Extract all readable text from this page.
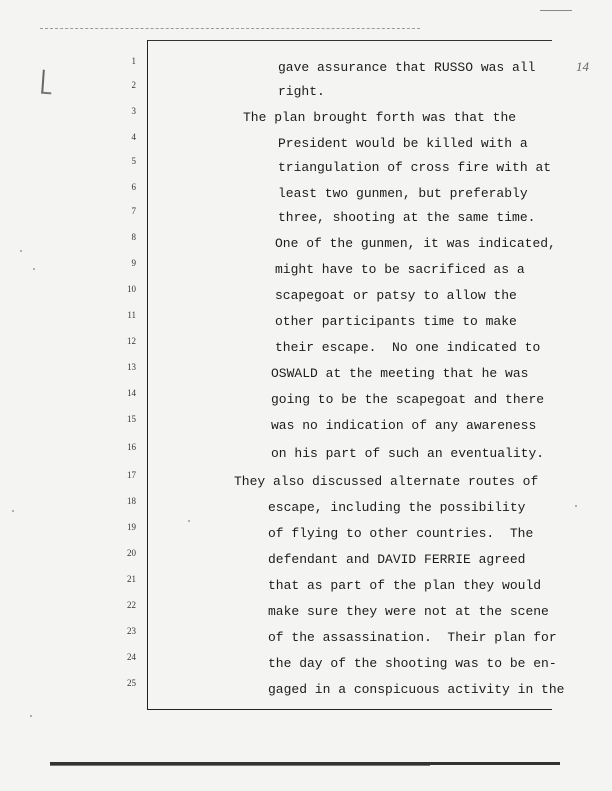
14
1
2
3
4
5
6
7
8
9
10
11
12
13
14
15
16
17
18
19
20
21
22
23
24
25
gave assurance that RUSSO was all
right.
The plan brought forth was that the
President would be killed with a
triangulation of cross fire with at
least two gunmen, but preferably
three, shooting at the same time.
One of the gunmen, it was indicated,
might have to be sacrificed as a
scapegoat or patsy to allow the
other participants time to make
their escape.  No one indicated to
OSWALD at the meeting that he was
going to be the scapegoat and there
was no indication of any awareness
on his part of such an eventuality.
They also discussed alternate routes of
escape, including the possibility
of flying to other countries.  The
defendant and DAVID FERRIE agreed
that as part of the plan they would
make sure they were not at the scene
of the assassination.  Their plan for
the day of the shooting was to be en-
gaged in a conspicuous activity in the
